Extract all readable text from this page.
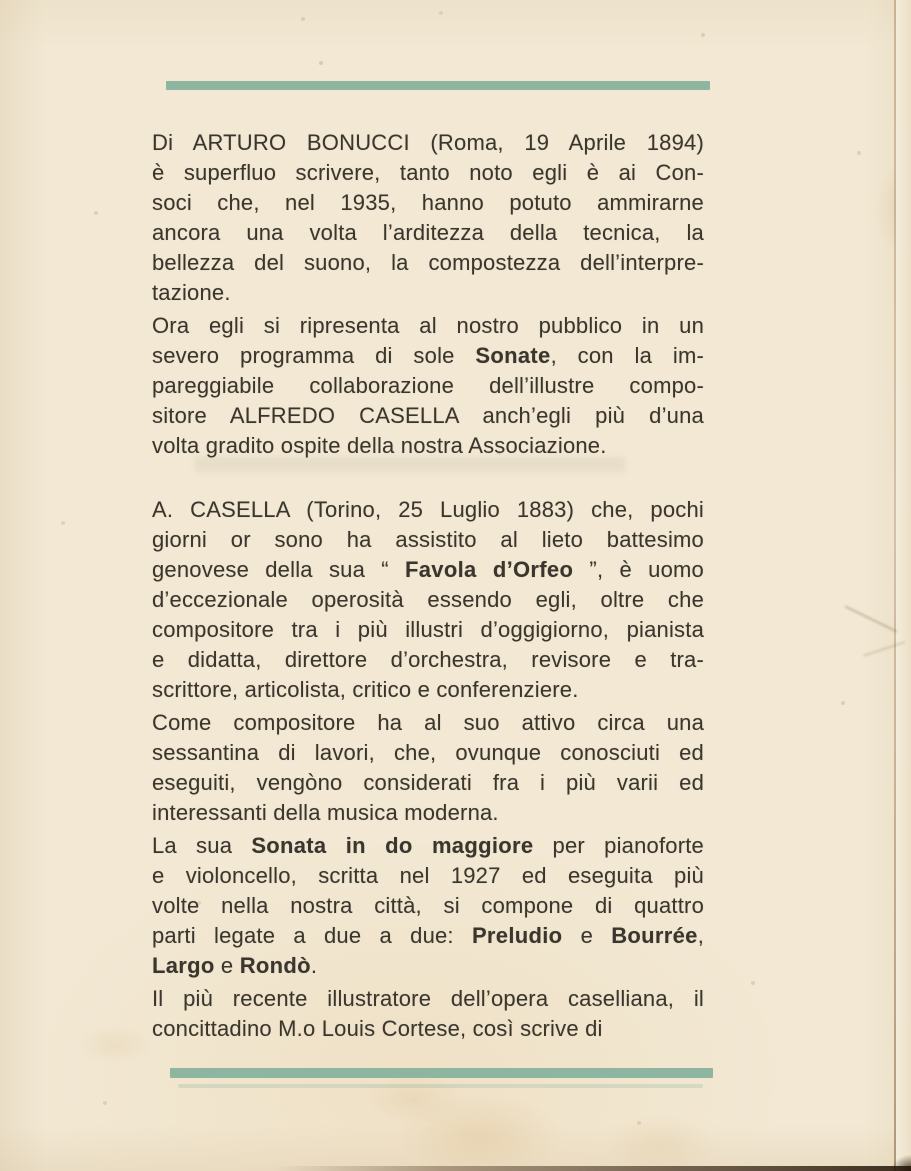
Di ARTURO BONUCCI (Roma, 19 Aprile 1894)
è superfluo scrivere, tanto noto egli è ai Con-
soci che, nel 1935, hanno potuto ammirarne
ancora una volta l’arditezza della tecnica, la
bellezza del suono, la compostezza dell’interpre-
tazione.
Ora egli si ripresenta al nostro pubblico in un
severo programma di sole Sonate, con la im-
pareggiabile collaborazione dell’illustre compo-
sitore ALFREDO CASELLA anch’egli più d’una
volta gradito ospite della nostra Associazione.
A. CASELLA (Torino, 25 Luglio 1883) che, pochi
giorni or sono ha assistito al lieto battesimo
genovese della sua “ Favola d’Orfeo ”, è uomo
d’eccezionale operosità essendo egli, oltre che
compositore tra i più illustri d’oggigiorno, pianista
e didatta, direttore d’orchestra, revisore e tra-
scrittore, articolista, critico e conferenziere.
Come compositore ha al suo attivo circa una
sessantina di lavori, che, ovunque conosciuti ed
eseguiti, vengòno considerati fra i più varii ed
interessanti della musica moderna.
La sua Sonata in do maggiore per pianoforte
e violoncello, scritta nel 1927 ed eseguita più
volte nella nostra città, si compone di quattro
parti legate a due a due: Preludio e Bourrée,
Largo e Rondò.
Il più recente illustratore dell’opera caselliana, il
concittadino M.o Louis Cortese, così scrive di
